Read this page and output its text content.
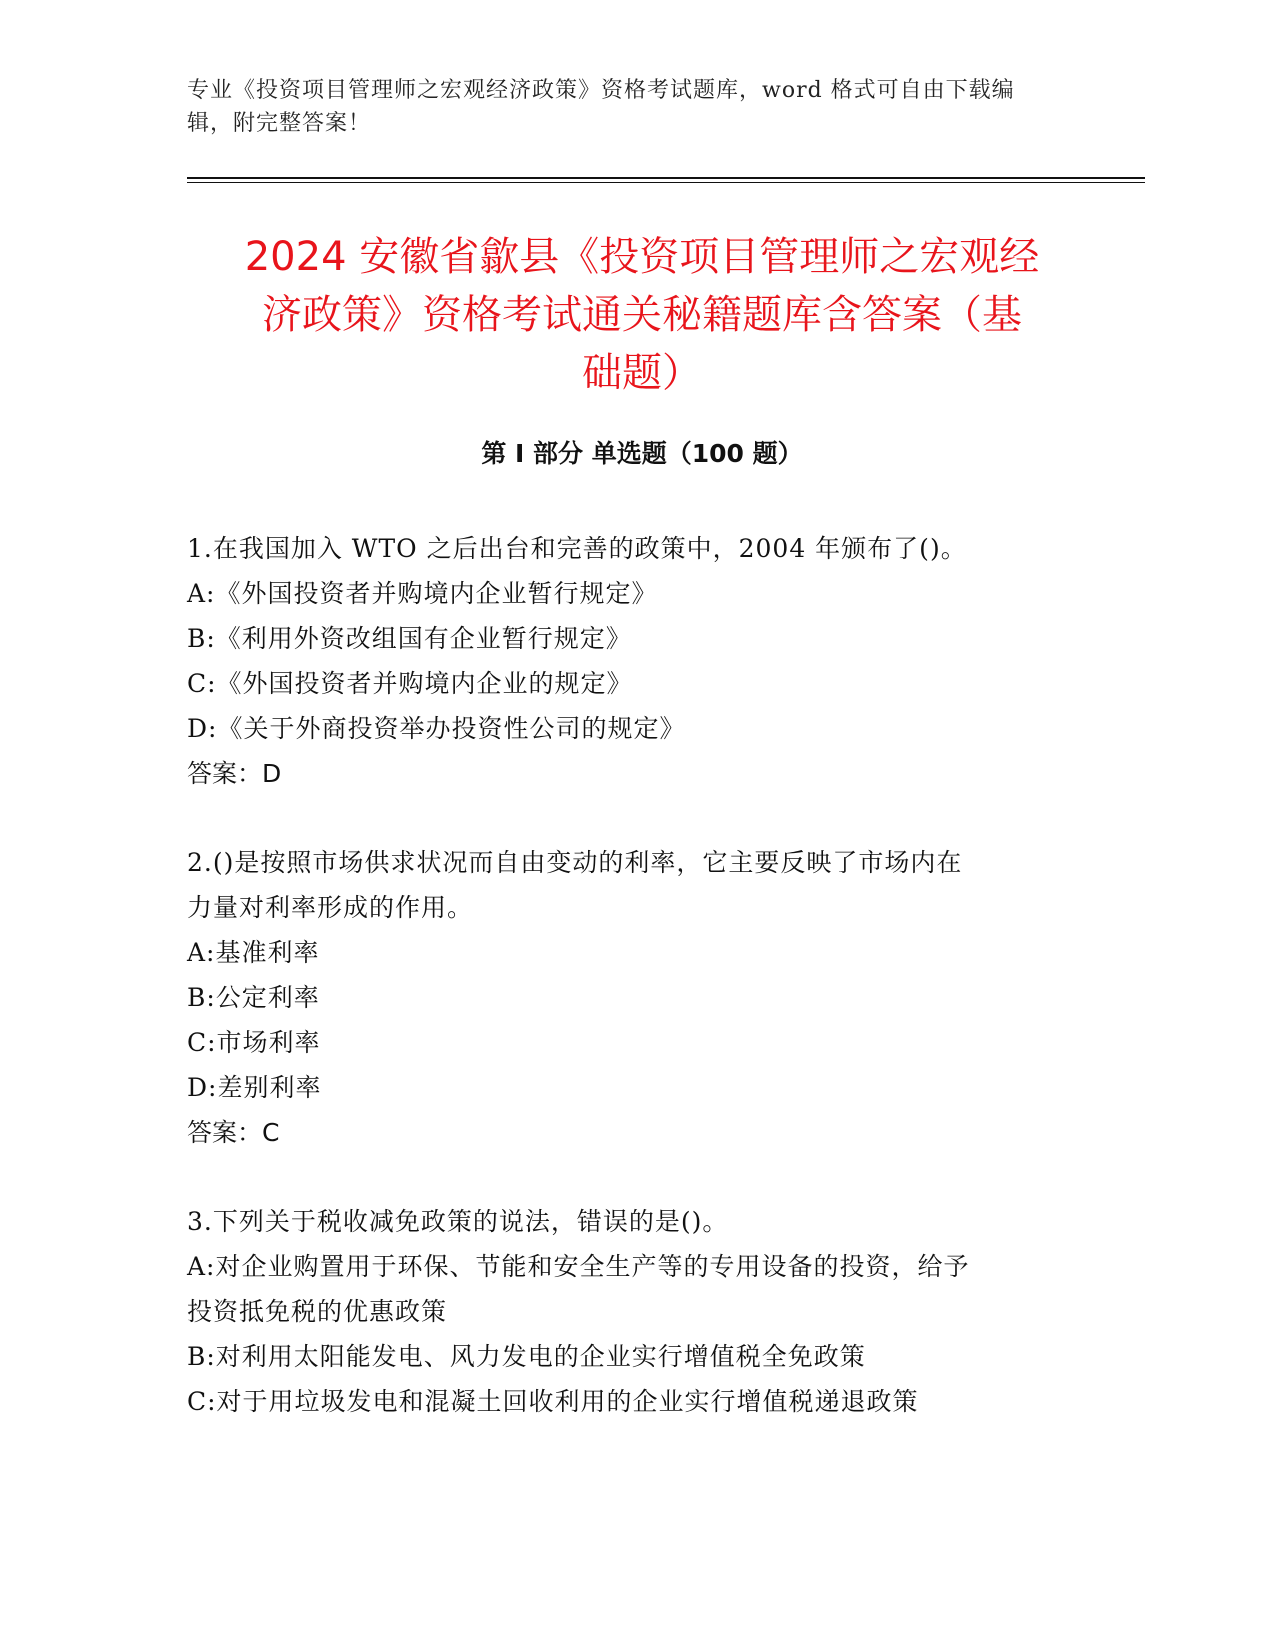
专业《投资项目管理师之宏观经济政策》资格考试题库，word 格式可自由下载编
辑，附完整答案！
2024 安徽省歙县《投资项目管理师之宏观经
济政策》资格考试通关秘籍题库含答案（基
础题）
第 I 部分 单选题（100 题）
1.在我国加入 WTO 之后出台和完善的政策中，2004 年颁布了()。
A:《外国投资者并购境内企业暂行规定》
B:《利用外资改组国有企业暂行规定》
C:《外国投资者并购境内企业的规定》
D:《关于外商投资举办投资性公司的规定》
答案：D
2.()是按照市场供求状况而自由变动的利率，它主要反映了市场内在
力量对利率形成的作用。
A:基准利率
B:公定利率
C:市场利率
D:差别利率
答案：C
3.下列关于税收减免政策的说法，错误的是()。
A:对企业购置用于环保、节能和安全生产等的专用设备的投资，给予
投资抵免税的优惠政策
B:对利用太阳能发电、风力发电的企业实行增值税全免政策
C:对于用垃圾发电和混凝土回收利用的企业实行增值税递退政策
